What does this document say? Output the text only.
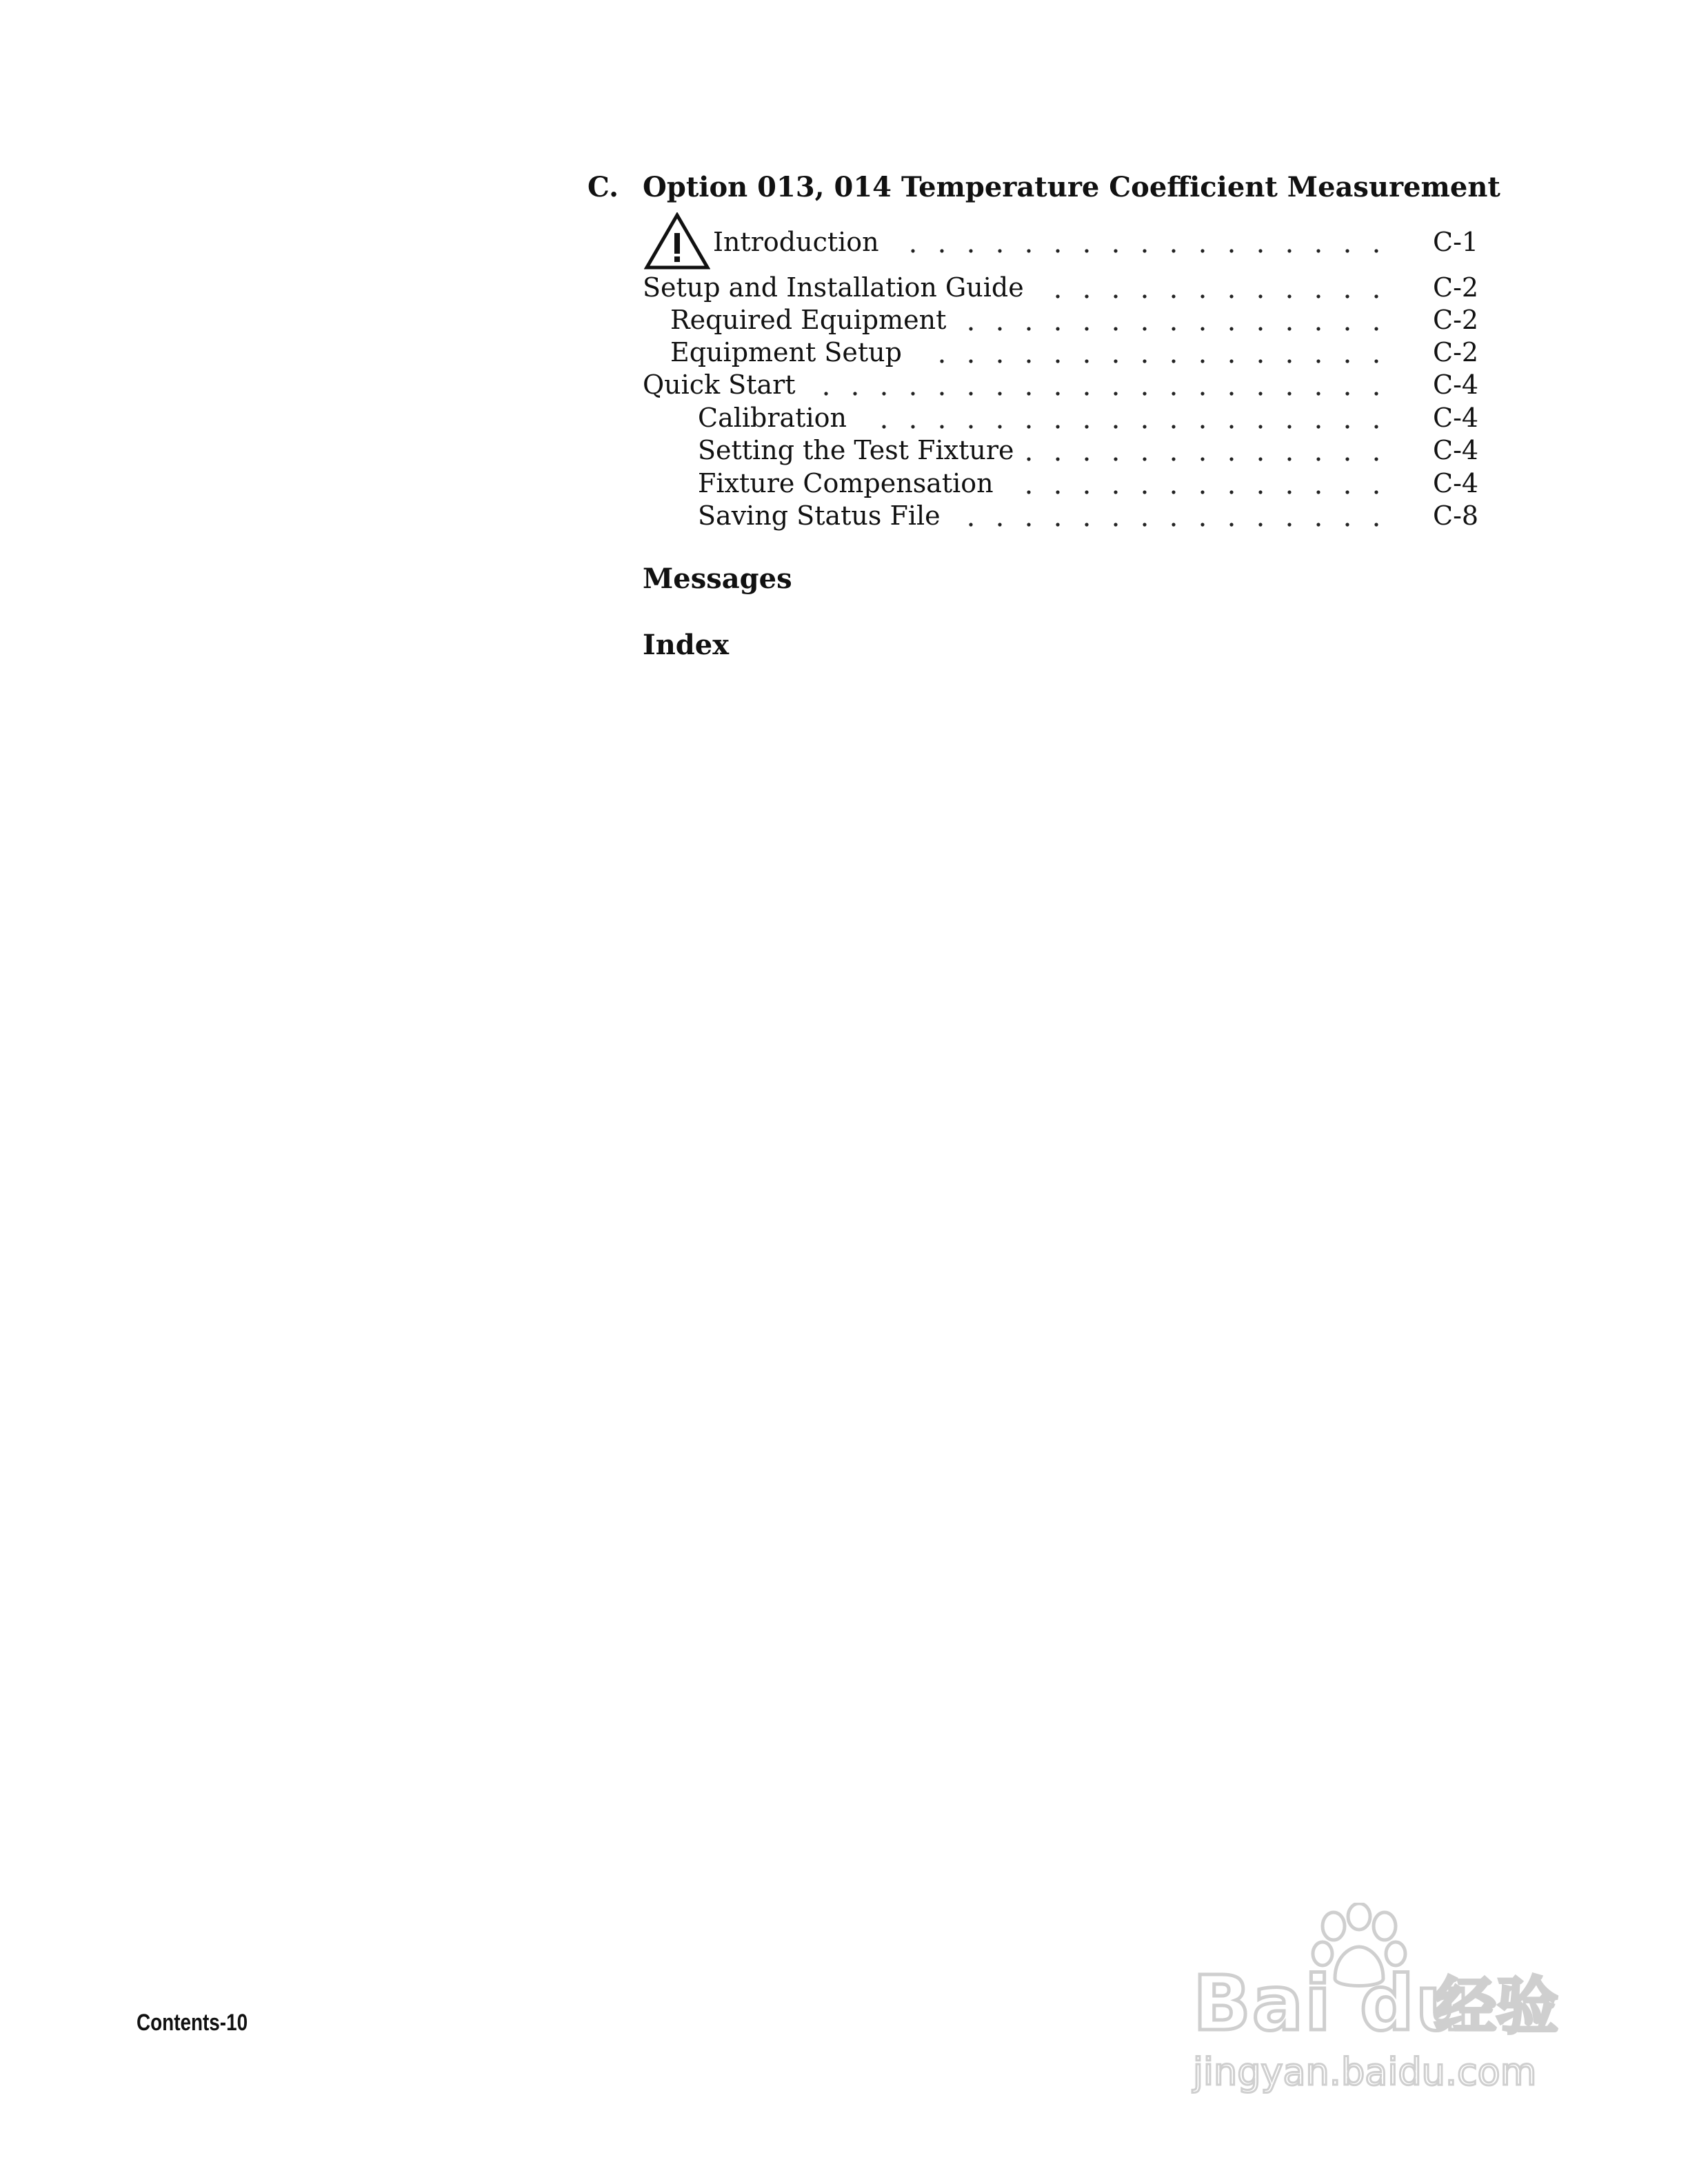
C. Option 013, 014 Temperature Coefficient Measurement
Introduction	C-1
Setup and Installation Guide	C-2
Required Equipment	C-2
Equipment Setup	C-2
Quick Start	C-4
Calibration	C-4
Setting the Test Fixture	C-4
Fixture Compensation	C-4
Saving Status File	C-8
Messages
Index
Contents-10	Bai du
经验
jingyan.baidu.com
